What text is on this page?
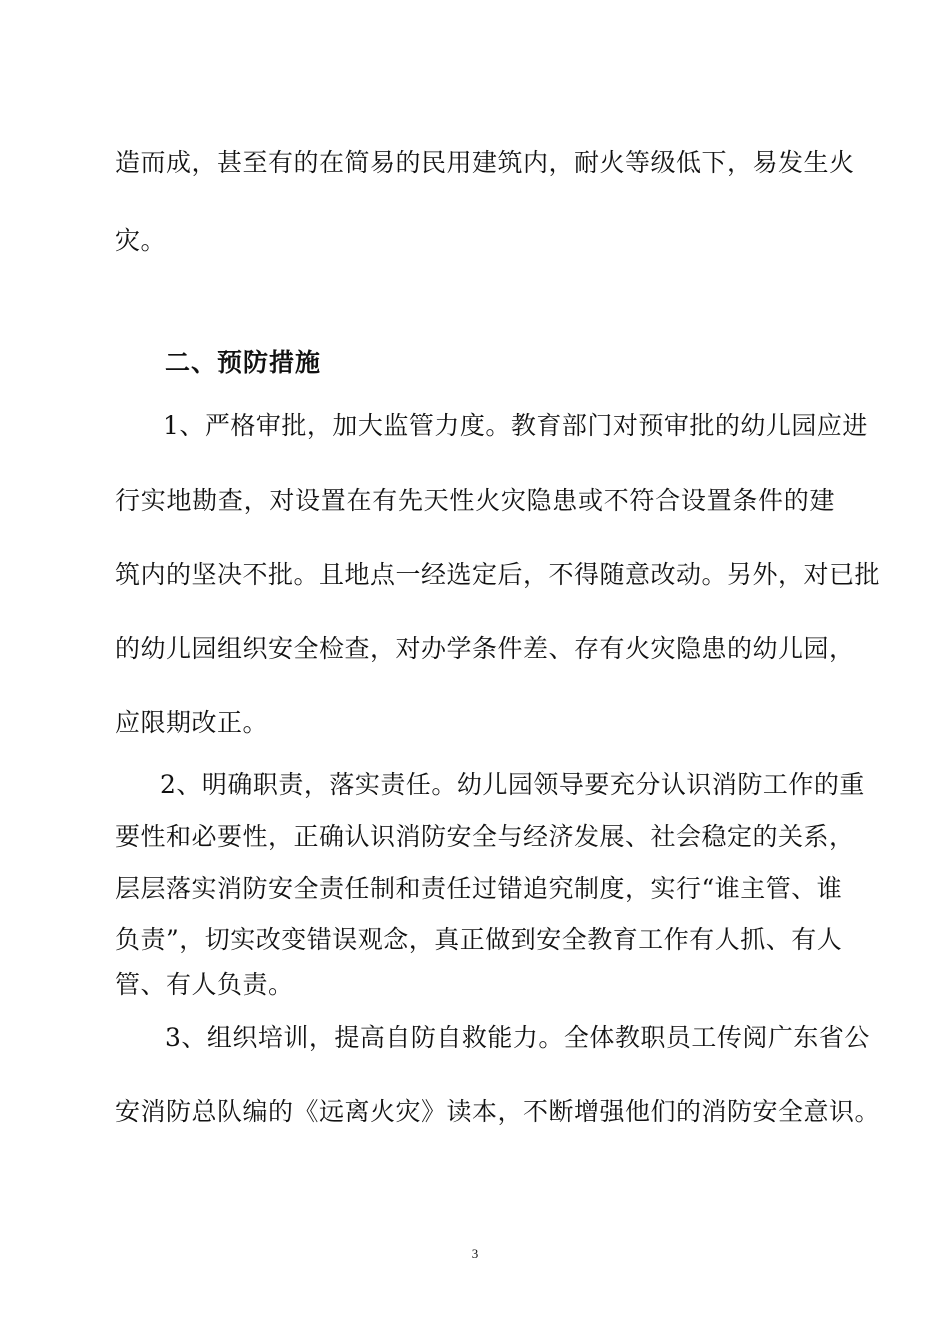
造而成，甚至有的在简易的民用建筑内，耐火等级低下，易发生火
灾。
二、预防措施
1、严格审批，加大监管力度。教育部门对预审批的幼儿园应进
行实地勘查，对设置在有先天性火灾隐患或不符合设置条件的建
筑内的坚决不批。且地点一经选定后，不得随意改动。另外，对已批
的幼儿园组织安全检查，对办学条件差、存有火灾隐患的幼儿园，
应限期改正。
2、明确职责，落实责任。幼儿园领导要充分认识消防工作的重
要性和必要性，正确认识消防安全与经济发展、社会稳定的关系，
层层落实消防安全责任制和责任过错追究制度，实行“谁主管、谁
负责”，切实改变错误观念，真正做到安全教育工作有人抓、有人
管、有人负责。
3、组织培训，提高自防自救能力。全体教职员工传阅广东省公
安消防总队编的《远离火灾》读本，不断增强他们的消防安全意识。
3
